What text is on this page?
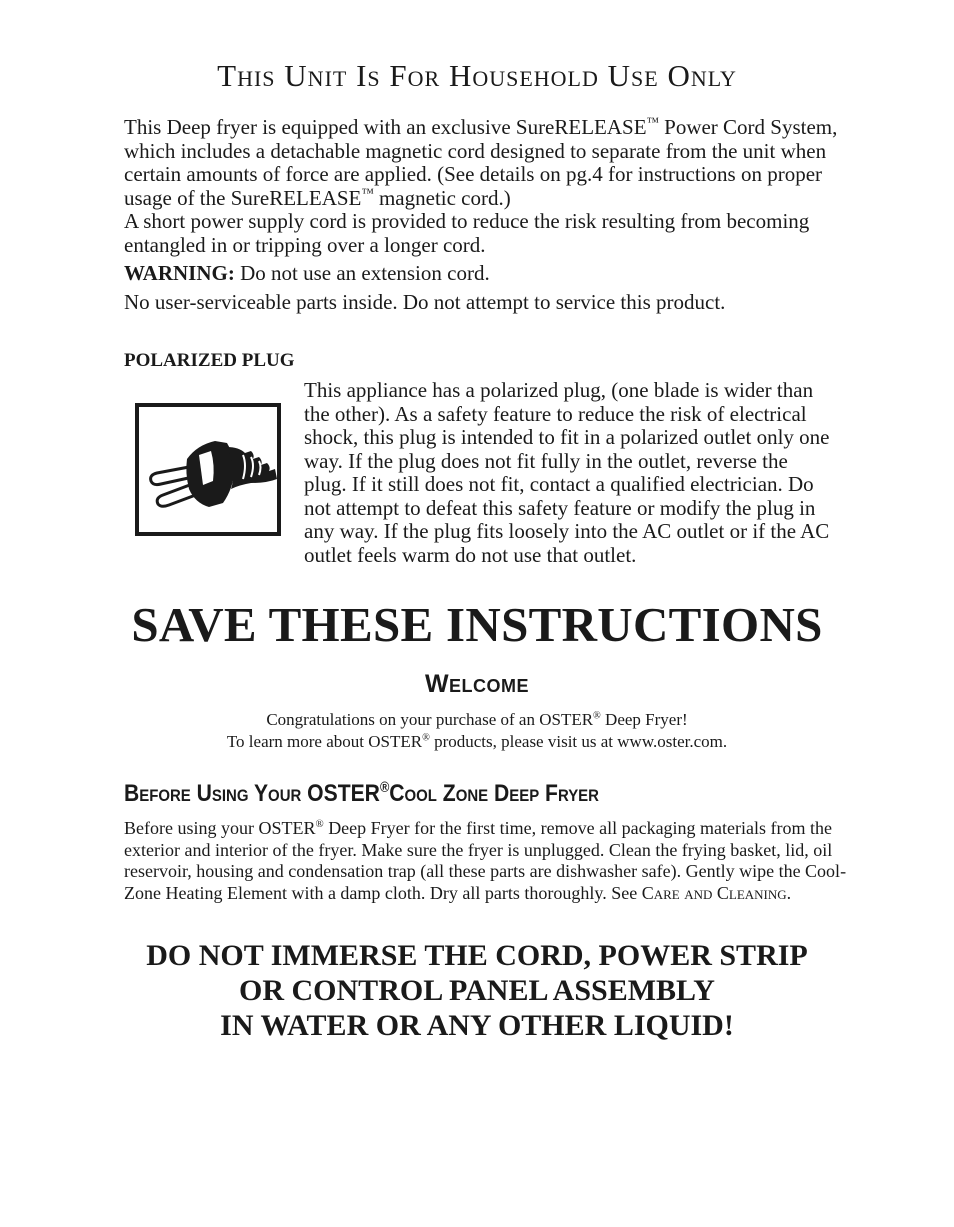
This Unit Is For Household Use Only
This Deep fryer is equipped with an exclusive SureRELEASE™ Power Cord System, which includes a detachable magnetic cord designed to separate from the unit when certain amounts of force are applied. (See details on pg.4 for instructions on proper usage of the SureRELEASE™ magnetic cord.)
A short power supply cord is provided to reduce the risk resulting from becoming entangled in or tripping over a longer cord.

WARNING: Do not use an extension cord.

No user-serviceable parts inside. Do not attempt to service this product.

POLARIZED PLUG

This appliance has a polarized plug, (one blade is wider than the other). As a safety feature to reduce the risk of electrical shock, this plug is intended to fit in a polarized outlet only one way. If the plug does not fit fully in the outlet, reverse the plug. If it still does not fit, contact a qualified electrician. Do not attempt to defeat this safety feature or modify the plug in any way. If the plug fits loosely into the AC outlet or if the AC outlet feels warm do not use that outlet.

SAVE THESE INSTRUCTIONS
Welcome
Congratulations on your purchase of an OSTER® Deep Fryer!
To learn more about OSTER® products, please visit us at www.oster.com.
Before Using Your OSTER®Cool Zone Deep Fryer

Before using your OSTER® Deep Fryer for the first time, remove all packaging materials from the exterior and interior of the fryer. Make sure the fryer is unplugged. Clean the frying basket, lid, oil reservoir, housing and condensation trap (all these parts are dishwasher safe). Gently wipe the Cool-Zone Heating Element with a damp cloth. Dry all parts thoroughly. See Care and Cleaning.

DO NOT IMMERSE THE CORD, POWER STRIP
OR CONTROL PANEL ASSEMBLY
IN WATER OR ANY OTHER LIQUID!
